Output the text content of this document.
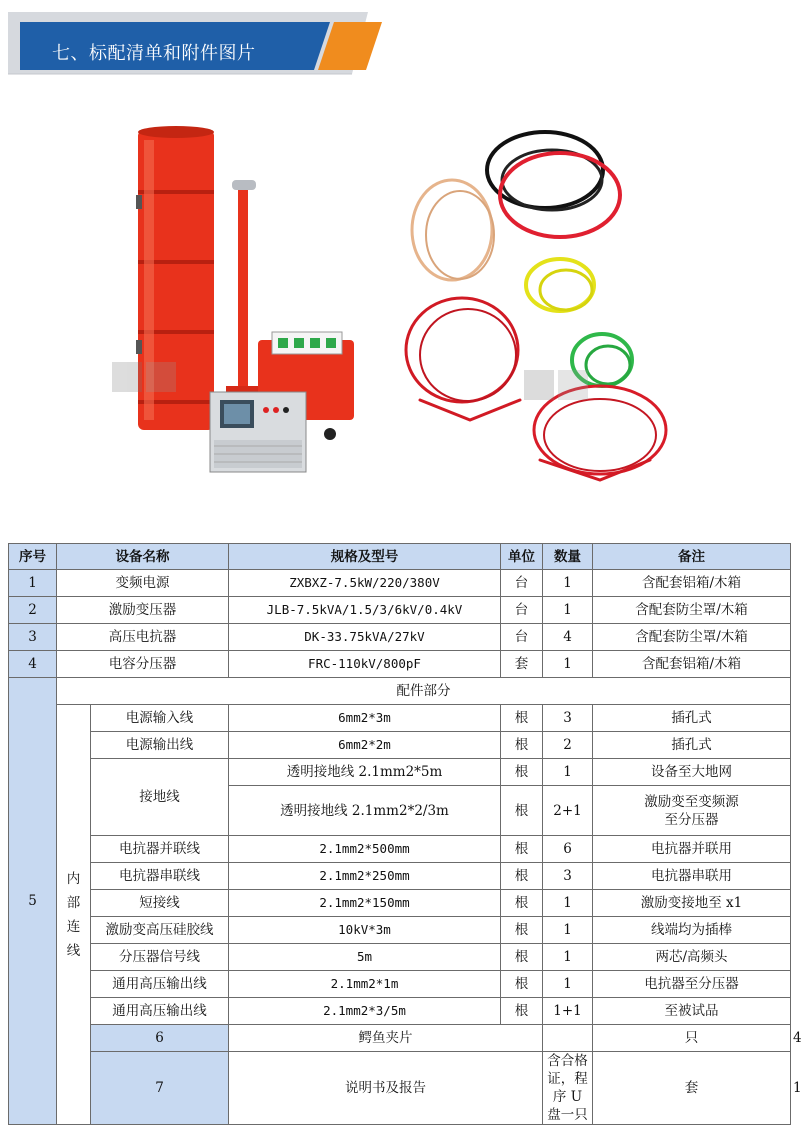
七、标配清单和附件图片
序号	设备名称		规格及型号	单位	数量	备注	
1	变频电源		ZXBXZ-7.5kW/220/380V	台	1	含配套铝箱/木箱	
2	激励变压器		JLB-7.5kVA/1.5/3/6kV/0.4kV	台	1	含配套防尘罩/木箱	
3	高压电抗器		DK-33.75kVA/27kV	台	4	含配套防尘罩/木箱	
4	电容分压器		FRC-110kV/800pF	套	1	含配套铝箱/木箱	
5	配件部分						

	内部连线	电源输入线	6mm2*3m	根	3	插孔式	
		电源输出线	6mm2*2m	根	2	插孔式	
		接地线	透明接地线 2.1mm2*5m	根	1	设备至大地网	
			透明接地线 2.1mm2*2/3m	根	2+1	激励变至变频源
至分压器	

		电抗器并联线	2.1mm2*500mm	根	6	电抗器并联用	
		电抗器串联线	2.1mm2*250mm	根	3	电抗器串联用	
		短接线	2.1mm2*150mm	根	1	激励变接地至 x1	
		激励变高压硅胶线	10kV*3m	根	1	线端均为插棒	
		分压器信号线	5m	根	1	两芯/高频头	
		通用高压输出线	2.1mm2*1m	根	1	电抗器至分压器	
		通用高压输出线	2.1mm2*3/5m	根	1+1	至被试品	
		6	鳄鱼夹片			只	4	
		7	说明书及报告		含合格证，程序 U 盘一只	套	1	
